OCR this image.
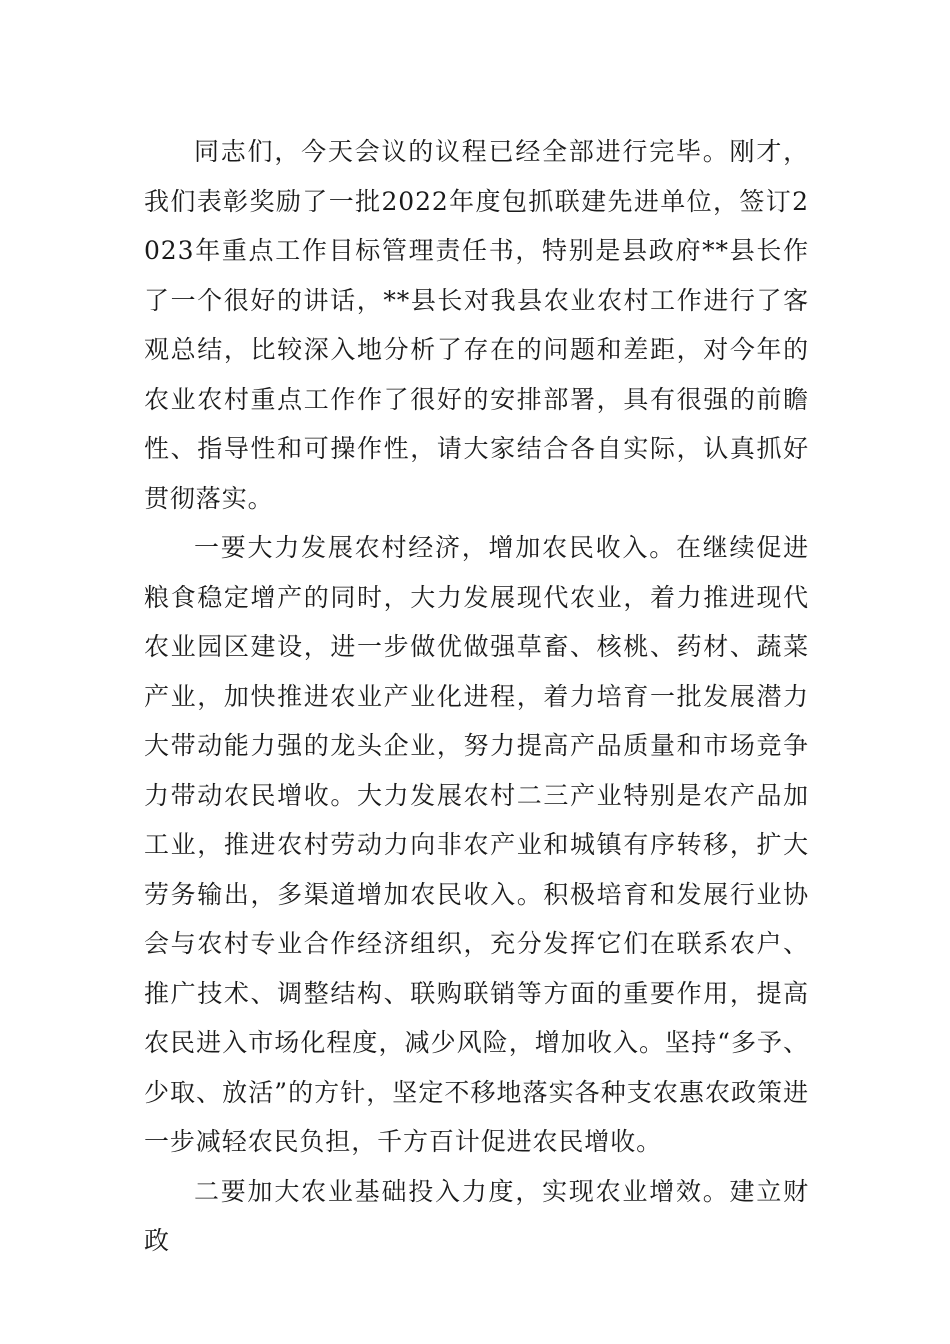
同志们，今天会议的议程已经全部进行完毕。刚才，我们表彰奖励了一批2022年度包抓联建先进单位，签订2023年重点工作目标管理责任书，特别是县政府**县长作了一个很好的讲话，**县长对我县农业农村工作进行了客观总结，比较深入地分析了存在的问题和差距，对今年的农业农村重点工作作了很好的安排部署，具有很强的前瞻性、指导性和可操作性，请大家结合各自实际，认真抓好贯彻落实。

一要大力发展农村经济，增加农民收入。在继续促进粮食稳定增产的同时，大力发展现代农业，着力推进现代农业园区建设，进一步做优做强草畜、核桃、药材、蔬菜产业，加快推进农业产业化进程，着力培育一批发展潜力大带动能力强的龙头企业，努力提高产品质量和市场竞争力带动农民增收。大力发展农村二三产业特别是农产品加工业，推进农村劳动力向非农产业和城镇有序转移，扩大劳务输出，多渠道增加农民收入。积极培育和发展行业协会与农村专业合作经济组织，充分发挥它们在联系农户、推广技术、调整结构、联购联销等方面的重要作用，提高农民进入市场化程度，减少风险，增加收入。坚持“多予、少取、放活”的方针，坚定不移地落实各种支农惠农政策进一步减轻农民负担，千方百计促进农民增收。

二要加大农业基础投入力度，实现农业增效。建立财政
